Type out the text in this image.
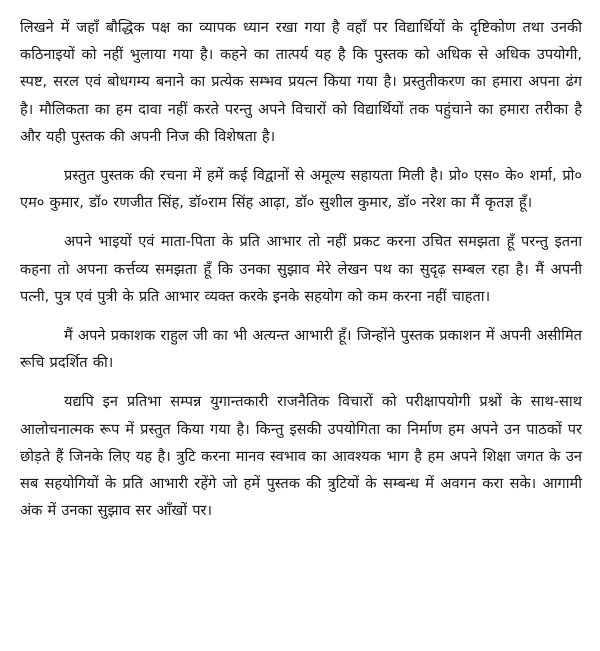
लिखने में जहाँ बौद्धिक पक्ष का व्यापक ध्यान रखा गया है वहाँ पर विद्यार्थियों के दृष्टिकोण तथा उनकी कठिनाइयों को नहीं भुलाया गया है। कहने का तात्पर्य यह है कि पुस्तक को अधिक से अधिक उपयोगी, स्पष्ट, सरल एवं बोधगम्य बनाने का प्रत्येक सम्भव प्रयत्न किया गया है। प्रस्तुतीकरण का हमारा अपना ढंग है। मौलिकता का हम दावा नहीं करते परन्तु अपने विचारों को विद्यार्थियों तक पहुंचाने का हमारा तरीका है और यही पुस्तक की अपनी निज की विशेषता है।

प्रस्तुत पुस्तक की रचना में हमें कई विद्वानों से अमूल्य सहायता मिली है। प्रो० एस० के० शर्मा, प्रो० एम० कुमार, डॉ० रणजीत सिंह, डॉ०राम सिंह आढ़ा, डॉ० सुशील कुमार, डॉ० नरेश का मैं कृतज्ञ हूँ।

अपने भाइयों एवं माता-पिता के प्रति आभार तो नहीं प्रकट करना उचित समझता हूँ परन्तु इतना कहना तो अपना कर्त्तव्य समझता हूँ कि उनका सुझाव मेरे लेखन पथ का सुदृढ़ सम्बल रहा है। मैं अपनी पत्नी, पुत्र एवं पुत्री के प्रति आभार व्यक्त करके इनके सहयोग को कम करना नहीं चाहता।

मैं अपने प्रकाशक राहुल जी का भी अत्यन्त आभारी हूँ। जिन्होंने पुस्तक प्रकाशन में अपनी असीमित रूचि प्रदर्शित की।

यद्यपि इन प्रतिभा सम्पन्न युगान्तकारी राजनैतिक विचारों को परीक्षापयोगी प्रश्नों के साथ-साथ आलोचनात्मक रूप में प्रस्तुत किया गया है। किन्तु इसकी उपयोगिता का निर्माण हम अपने उन पाठकों पर छोड़ते हैं जिनके लिए यह है। त्रुटि करना मानव स्वभाव का आवश्यक भाग है हम अपने शिक्षा जगत के उन सब सहयोगियों के प्रति आभारी रहेंगे जो हमें पुस्तक की त्रुटियों के सम्बन्ध में अवगन करा सके। आगामी अंक में उनका सुझाव सर आँखों पर।
